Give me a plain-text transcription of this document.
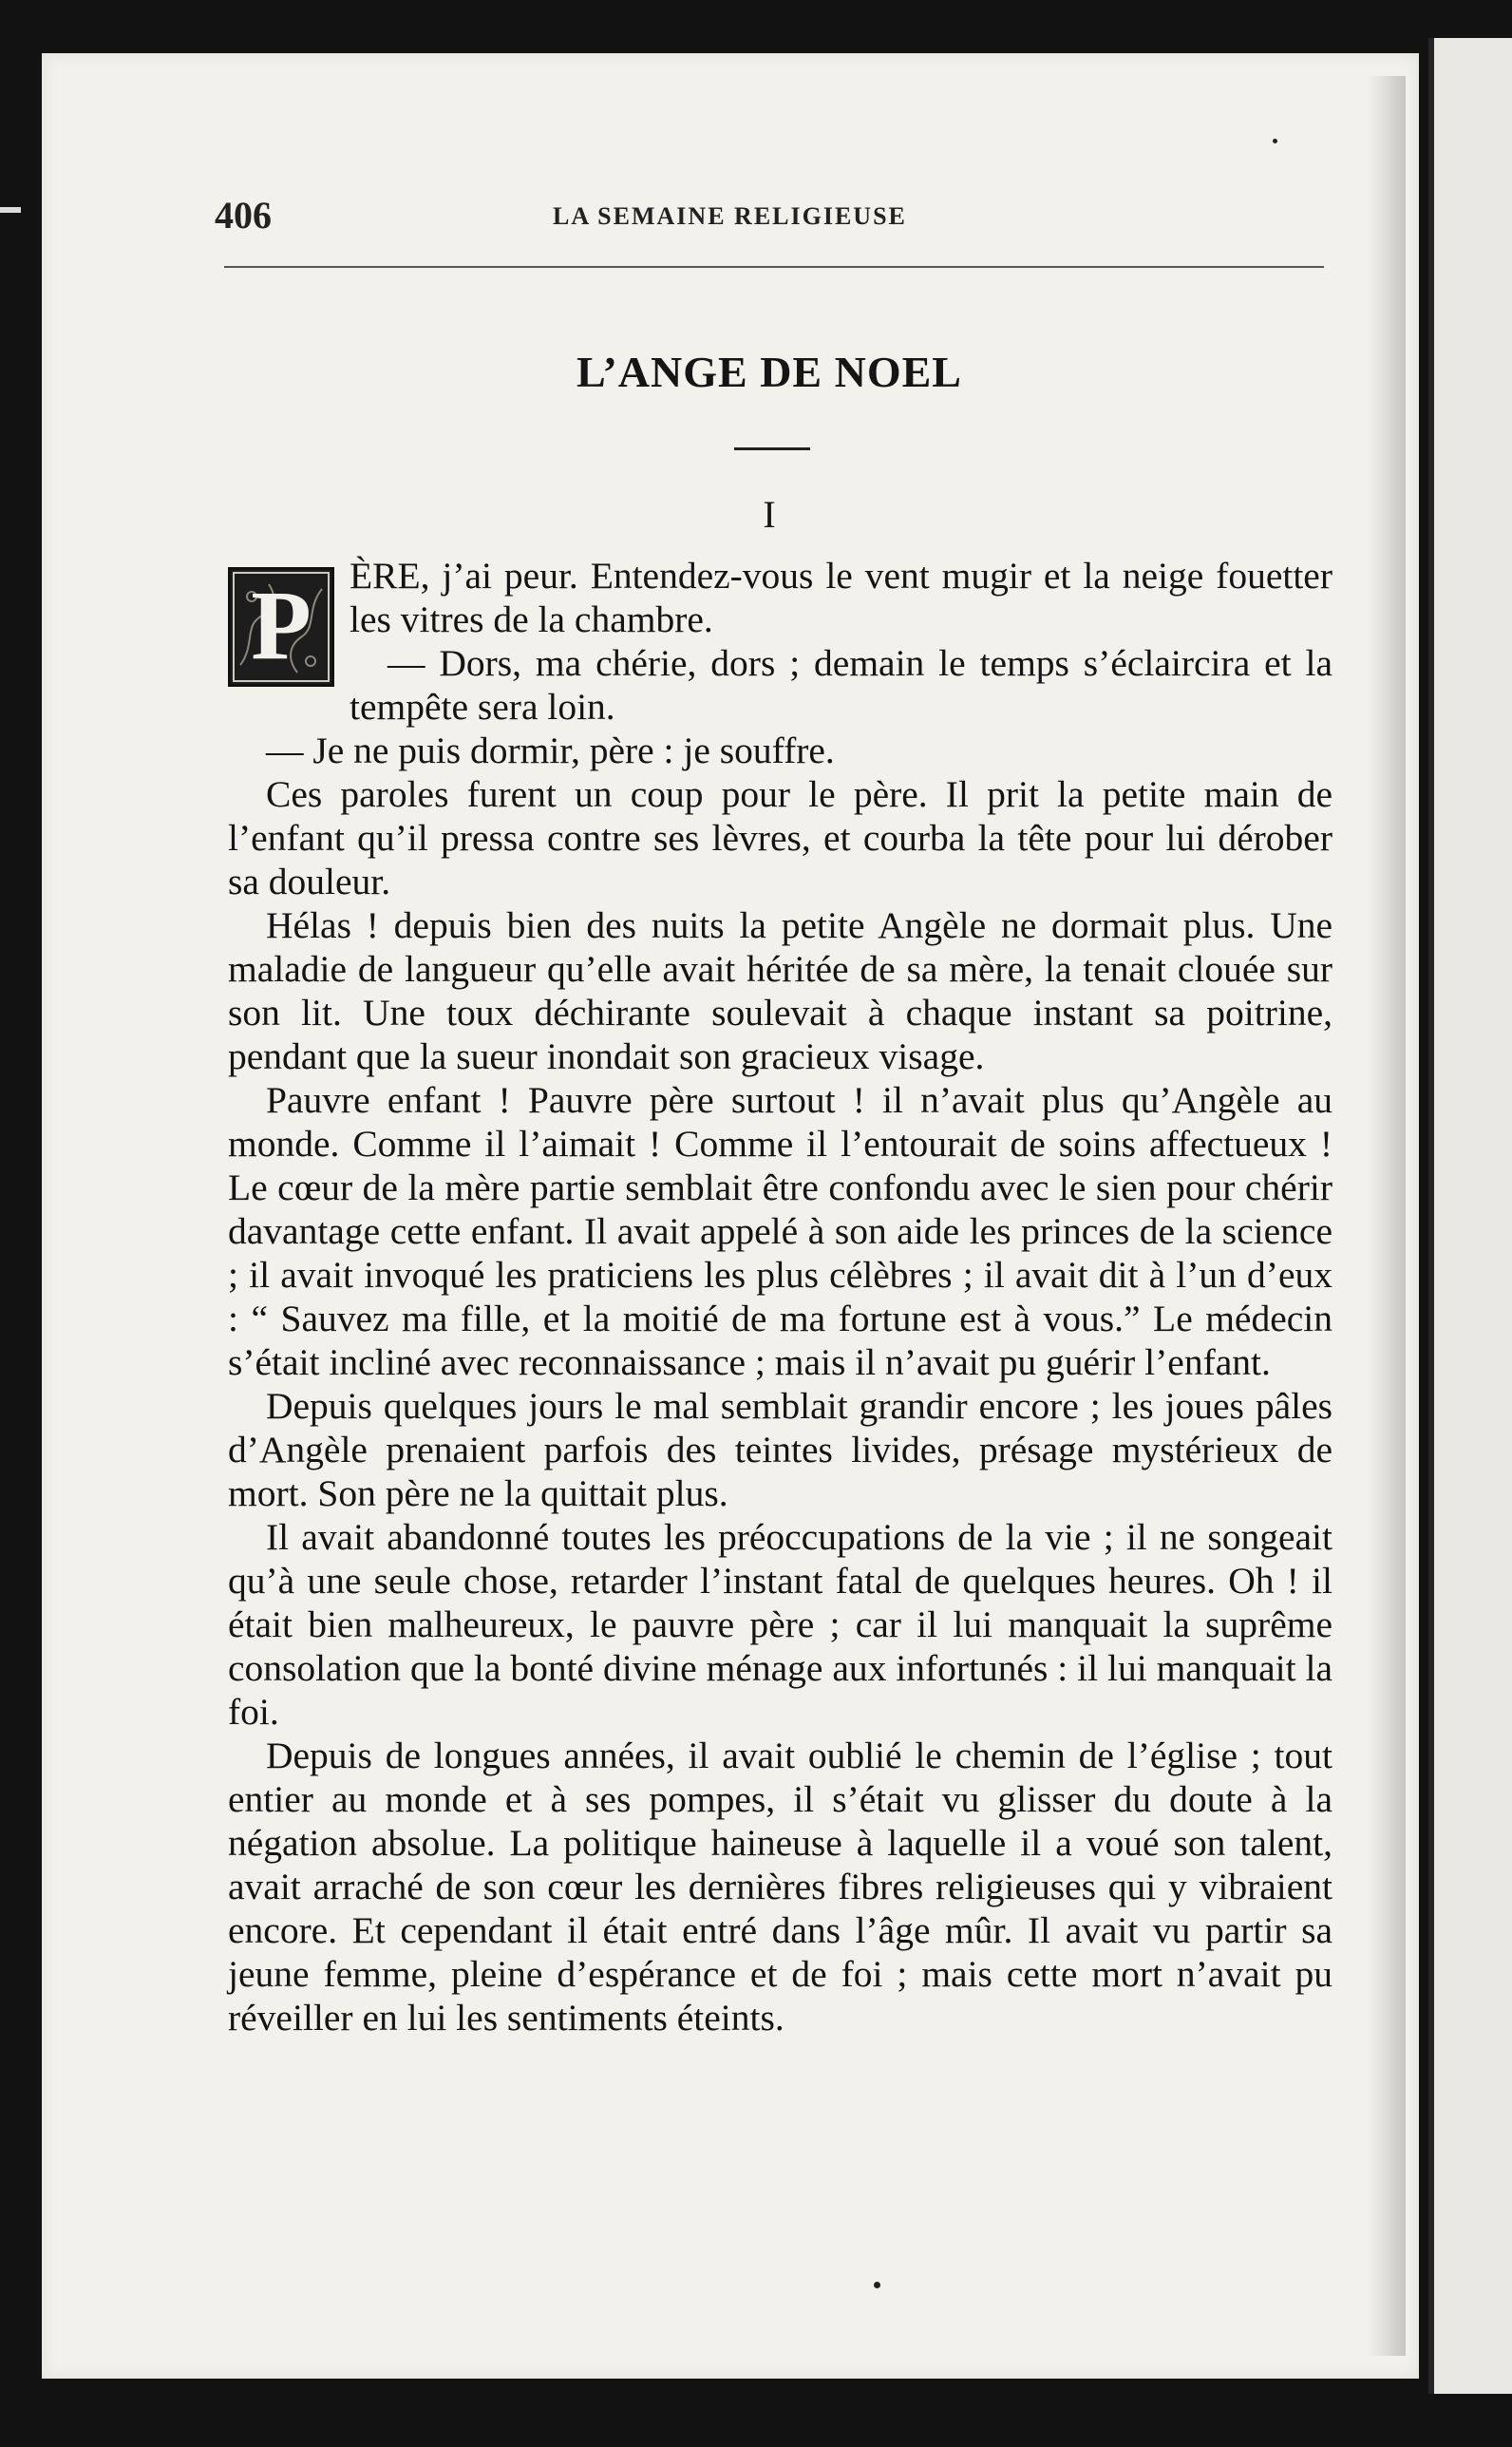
406	LA SEMAINE RELIGIEUSE
L’ANGE DE NOEL
I

P	ÈRE, j’ai peur. Entendez-vous le vent mugir et la neige fouetter les vitres de la chambre.

— Dors, ma chérie, dors ; demain le temps s’éclaircira et la tempête sera loin.

— Je ne puis dormir, père : je souffre.

Ces paroles furent un coup pour le père. Il prit la petite main de l’enfant qu’il pressa contre ses lèvres, et courba la tête pour lui dérober sa douleur.

Hélas ! depuis bien des nuits la petite Angèle ne dormait plus. Une maladie de langueur qu’elle avait héritée de sa mère, la tenait clouée sur son lit. Une toux déchirante soulevait à chaque instant sa poitrine, pendant que la sueur inondait son gracieux visage.

Pauvre enfant ! Pauvre père surtout ! il n’avait plus qu’Angèle au monde. Comme il l’aimait ! Comme il l’entourait de soins affectueux ! Le cœur de la mère partie semblait être confondu avec le sien pour chérir davantage cette enfant. Il avait appelé à son aide les princes de la science ; il avait invoqué les praticiens les plus célèbres ; il avait dit à l’un d’eux : “ Sauvez ma fille, et la moitié de ma fortune est à vous.” Le médecin s’était incliné avec reconnaissance ; mais il n’avait pu guérir l’enfant.

Depuis quelques jours le mal semblait grandir encore ; les joues pâles d’Angèle prenaient parfois des teintes livides, présage mystérieux de mort. Son père ne la quittait plus.

Il avait abandonné toutes les préoccupations de la vie ; il ne songeait qu’à une seule chose, retarder l’instant fatal de quelques heures. Oh ! il était bien malheureux, le pauvre père ; car il lui manquait la suprême consolation que la bonté divine ménage aux infortunés : il lui manquait la foi.

Depuis de longues années, il avait oublié le chemin de l’église ; tout entier au monde et à ses pompes, il s’était vu glisser du doute à la négation absolue. La politique haineuse à laquelle il a voué son talent, avait arraché de son cœur les dernières fibres religieuses qui y vibraient encore. Et cependant il était entré dans l’âge mûr. Il avait vu partir sa jeune femme, pleine d’espérance et de foi ; mais cette mort n’avait pu réveiller en lui les sentiments éteints.
